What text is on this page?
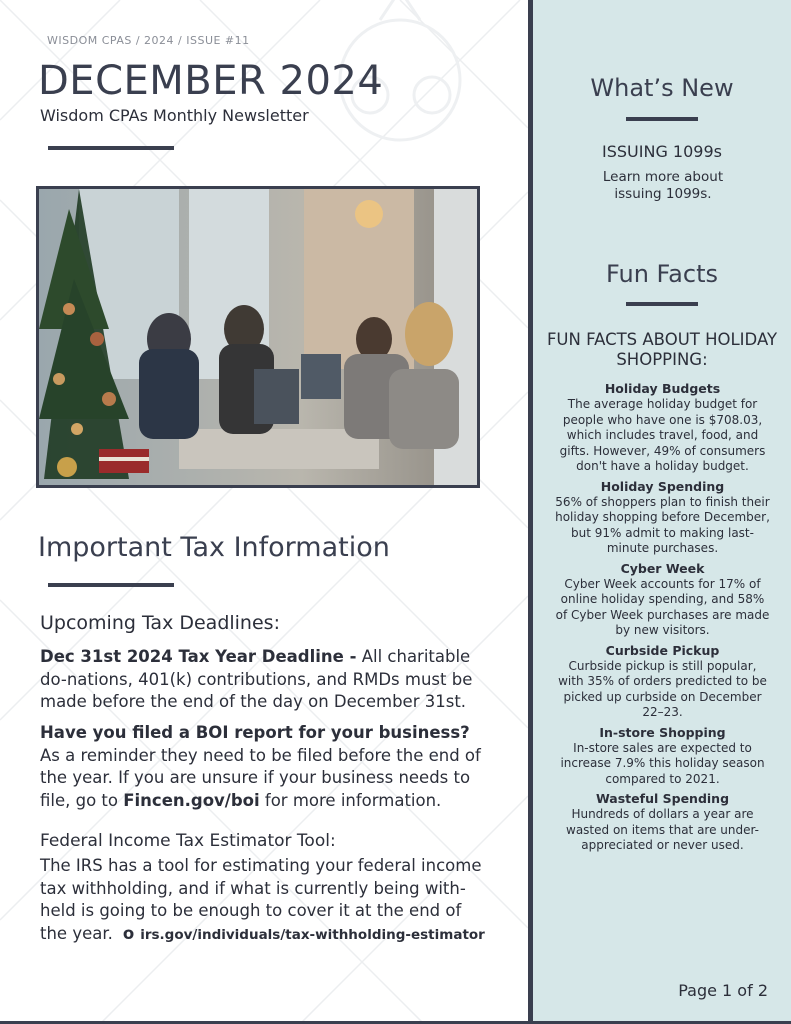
WISDOM CPAS / 2024 / ISSUE #11
DECEMBER 2024
Wisdom CPAs Monthly Newsletter
Important Tax Information
Upcoming Tax Deadlines:
Dec 31st 2024 Tax Year Deadline - All charitable do-nations, 401(k) contributions, and RMDs must be made before the end of the day on December 31st.
Have you filed a BOI report for your business? As a reminder they need to be filed before the end of the year. If you are unsure if your business needs to file, go to Fincen.gov/boi for more information.
Federal Income Tax Estimator Tool:
The IRS has a tool for estimating your federal income tax withholding, and if what is currently being with-held is going to be enough to cover it at the end of the year. o irs.gov/individuals/tax-withholding-estimator
What’s New
ISSUING 1099s
Learn more about issuing 1099s.
Fun Facts
FUN FACTS ABOUT HOLIDAY SHOPPING:
Holiday Budgets
The average holiday budget for people who have one is $708.03, which includes travel, food, and gifts. However, 49% of consumers don't have a holiday budget.
Holiday Spending
56% of shoppers plan to finish their holiday shopping before December, but 91% admit to making last-minute purchases.
Cyber Week
Cyber Week accounts for 17% of online holiday spending, and 58% of Cyber Week purchases are made by new visitors.
Curbside Pickup
Curbside pickup is still popular, with 35% of orders predicted to be picked up curbside on December 22–23.
In-store Shopping
In-store sales are expected to increase 7.9% this holiday season compared to 2021.
Wasteful Spending
Hundreds of dollars a year are wasted on items that are under-appreciated or never used.
Page 1 of 2
